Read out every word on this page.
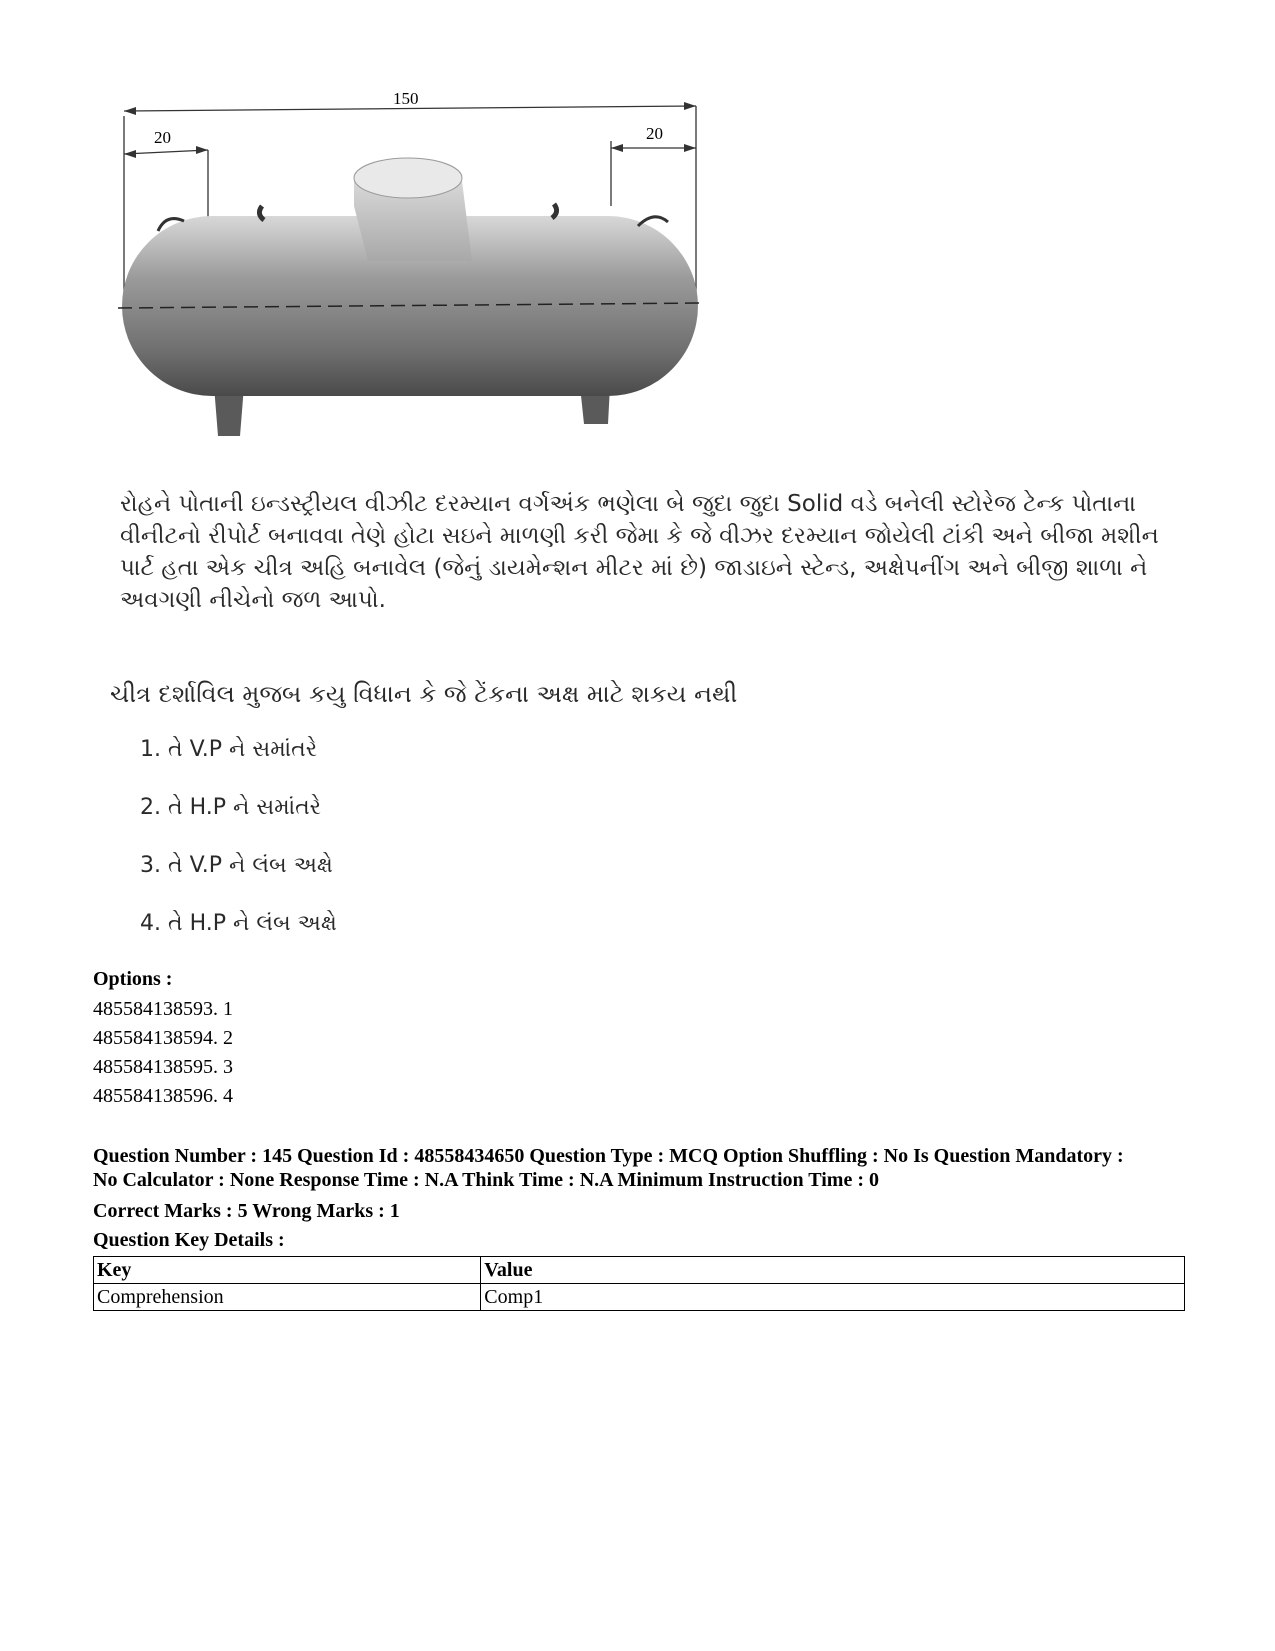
150
20	20
રોહને પોતાની ઇન્ડસ્ટ્રીયલ વીઝીટ દરમ્યાન વર્ગઅંક ભણેલા બે જુદા જુદા Solid વડે બનેલી સ્ટોરેજ ટેન્ક પોતાના
વીનીટનો રીપોર્ટ બનાવવા તેણે હોટા સઇને માળણી કરી જેમા કે જે વીઝર દરમ્યાન જોયેલી ટાંકી અને બીજા મશીન
પાર્ટ હતા એક ચીત્ર અહિ બનાવેલ (જેનું ડાયમેન્શન મીટર માં છે) જાડાઇને સ્ટેન્ડ, અક્ષેપનીંગ અને બીજી શાળા ને
અવગણી નીચેનો જળ આપો.
ચીત્ર દર્શાવિલ મુજબ કયુ વિધાન કે જે ટેંકના અક્ષ માટે શકય નથી
1. તે V.P ને સમાંતરે
2. તે H.P ને સમાંતરે
3. તે V.P ને લંબ અક્ષે
4. તે H.P ને લંબ અક્ષે
Options :
485584138593. 1
485584138594. 2
485584138595. 3
485584138596. 4
Question Number : 145 Question Id : 48558434650 Question Type : MCQ Option Shuffling : No Is Question Mandatory :
No Calculator : None Response Time : N.A Think Time : N.A Minimum Instruction Time : 0
Correct Marks : 5 Wrong Marks : 1
Question Key Details :
Key	Value
Comprehension	Comp1
